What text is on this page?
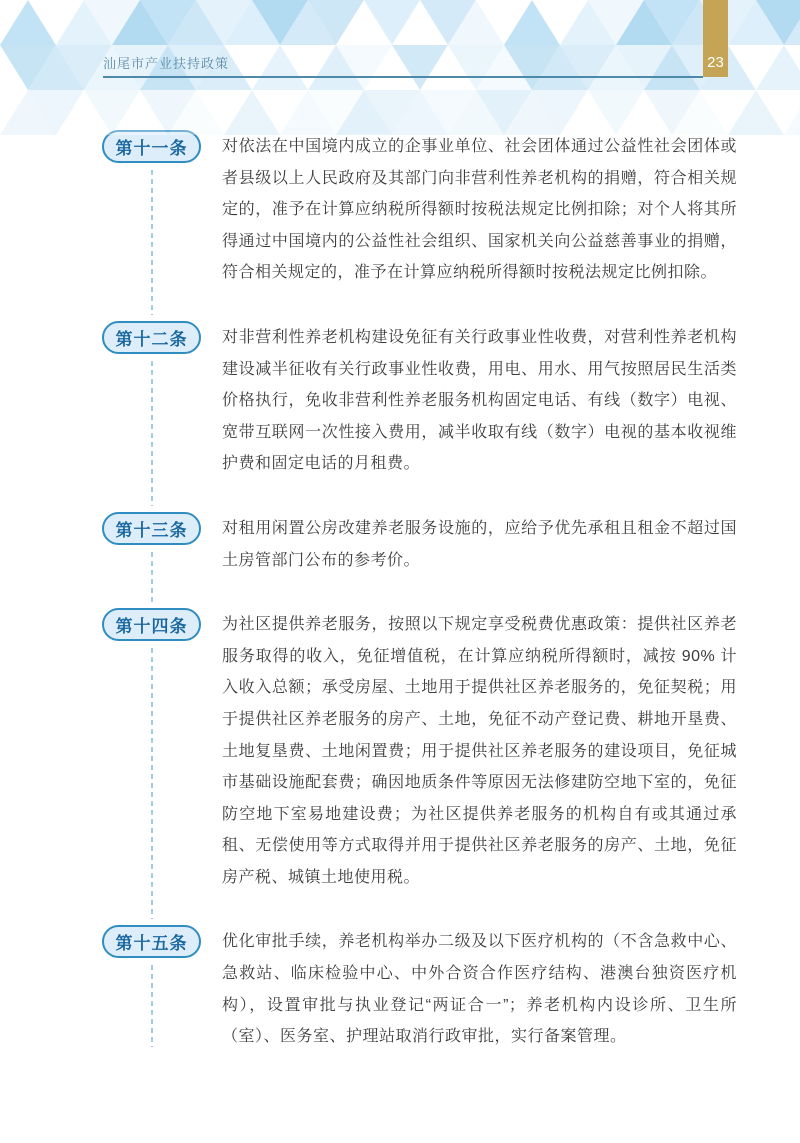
汕尾市产业扶持政策	23
第十一条	对依法在中国境内成立的企事业单位、社会团体通过公益性社会团体或者县级以上人民政府及其部门向非营利性养老机构的捐赠，符合相关规定的，准予在计算应纳税所得额时按税法规定比例扣除；对个人将其所得通过中国境内的公益性社会组织、国家机关向公益慈善事业的捐赠，符合相关规定的，准予在计算应纳税所得额时按税法规定比例扣除。
第十二条	对非营利性养老机构建设免征有关行政事业性收费，对营利性养老机构建设减半征收有关行政事业性收费，用电、用水、用气按照居民生活类价格执行，免收非营利性养老服务机构固定电话、有线（数字）电视、宽带互联网一次性接入费用，减半收取有线（数字）电视的基本收视维护费和固定电话的月租费。
第十三条	对租用闲置公房改建养老服务设施的，应给予优先承租且租金不超过国土房管部门公布的参考价。
第十四条	为社区提供养老服务，按照以下规定享受税费优惠政策：提供社区养老服务取得的收入，免征增值税，在计算应纳税所得额时，减按 90% 计入收入总额；承受房屋、土地用于提供社区养老服务的，免征契税；用于提供社区养老服务的房产、土地，免征不动产登记费、耕地开垦费、土地复垦费、土地闲置费；用于提供社区养老服务的建设项目，免征城市基础设施配套费；确因地质条件等原因无法修建防空地下室的，免征防空地下室易地建设费；为社区提供养老服务的机构自有或其通过承租、无偿使用等方式取得并用于提供社区养老服务的房产、土地，免征房产税、城镇土地使用税。
第十五条	优化审批手续，养老机构举办二级及以下医疗机构的（不含急救中心、急救站、临床检验中心、中外合资合作医疗结构、港澳台独资医疗机构），设置审批与执业登记“两证合一”；养老机构内设诊所、卫生所（室）、医务室、护理站取消行政审批，实行备案管理。
